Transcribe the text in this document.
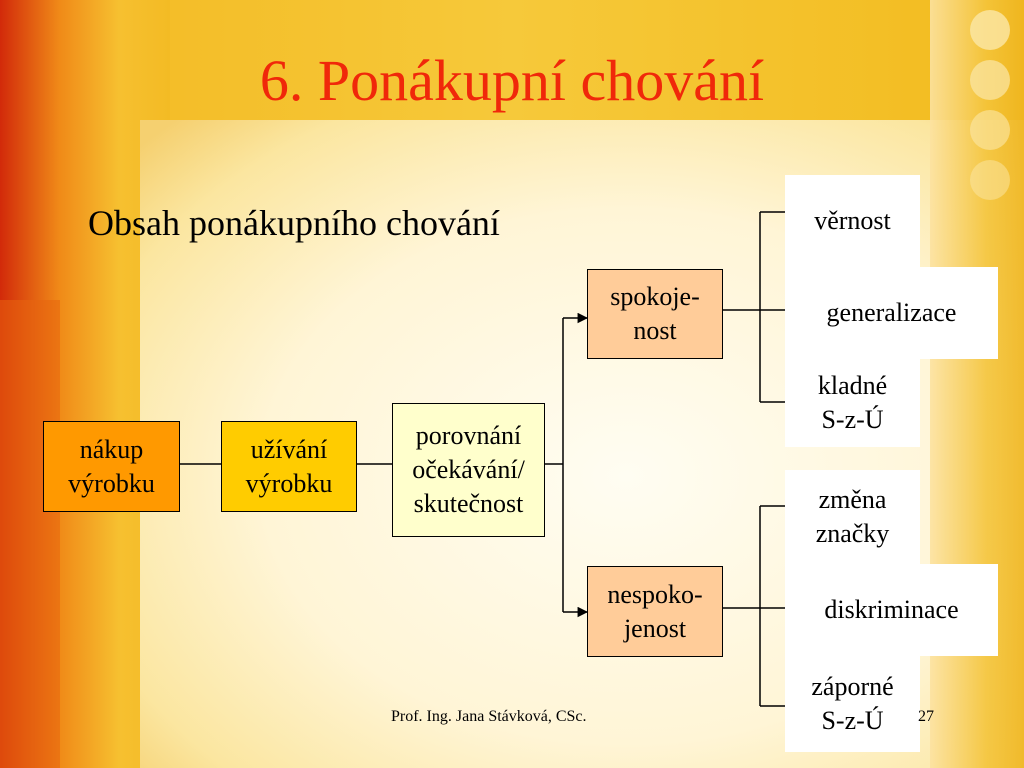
6. Ponákupní chování
Obsah ponákupního chování
nákup
výrobku
užívání
výrobku
porovnání
očekávání/
skutečnost
spokoje-
nost
nespoko-
jenost
věrnost
generalizace
kladné
S-z-Ú
změna
značky
diskriminace
záporné
S-z-Ú
Prof. Ing. Jana Stávková, CSc.	27
